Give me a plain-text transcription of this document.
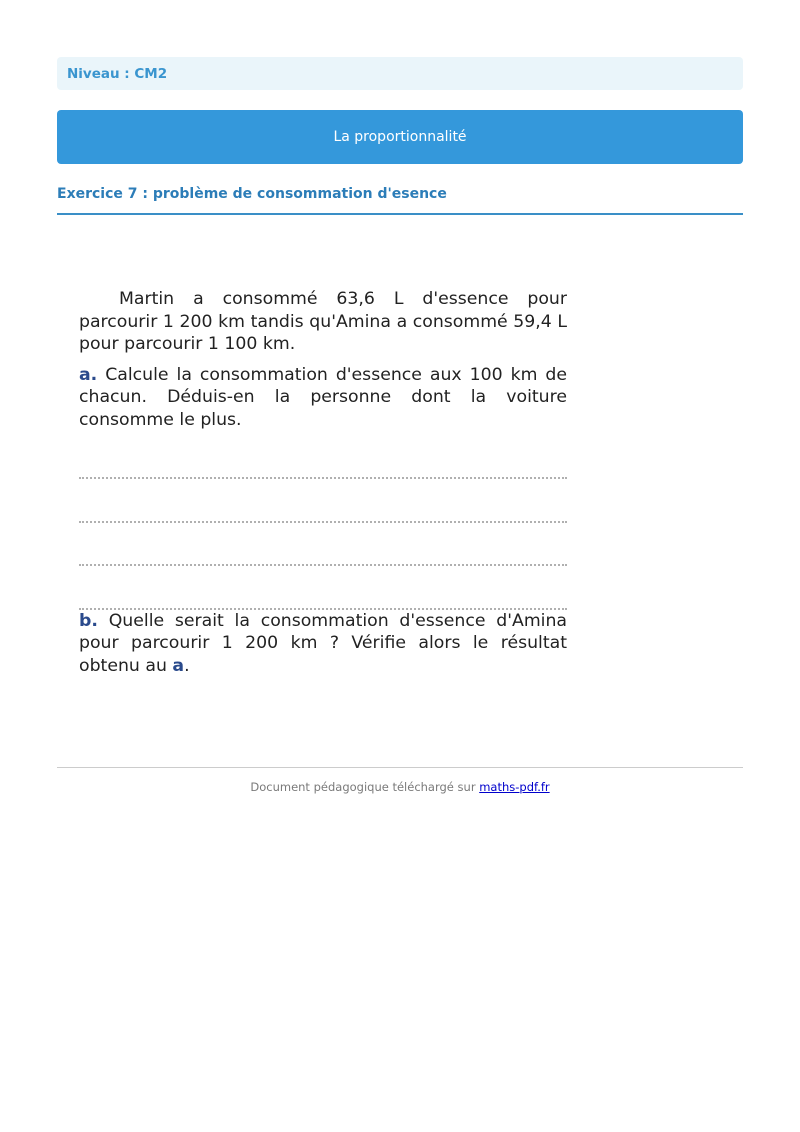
Niveau : CM2
La proportionnalité
Exercice 7 : problème de consommation d'esence

Martin a consommé 63,6 L d'essence pour parcourir 1 200 km tandis qu'Amina a consommé 59,4 L pour parcourir 1 100 km.

a. Calcule la consommation d'essence aux 100 km de chacun. Déduis-en la personne dont la voiture consomme le plus.

b. Quelle serait la consommation d'essence d'Amina pour parcourir 1 200 km ? Vérifie alors le résultat obtenu au a.

Document pédagogique téléchargé sur maths-pdf.fr
